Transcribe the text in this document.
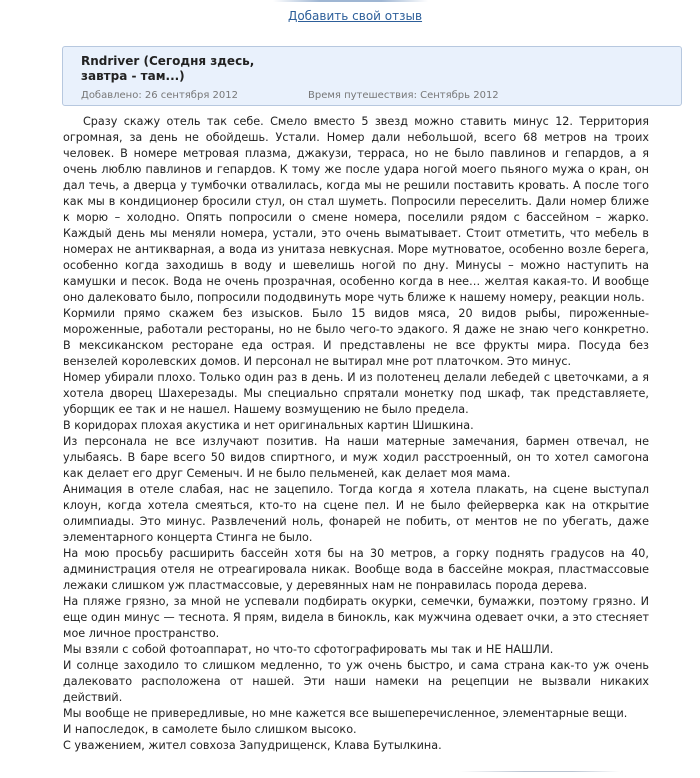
Добавить свой отзыв
Rndriver (Сегодня здесь, завтра - там...)
Добавлено: 26 сентября 2012	Время путешествия: Сентябрь 2012

Сразу скажу отель так себе. Смело вместо 5 звезд можно ставить минус 12. Территория огромная, за день не обойдешь. Устали. Номер дали небольшой, всего 68 метров на троих человек. В номере метровая плазма, джакузи, терраса, но не было павлинов и гепардов, а я очень люблю павлинов и гепардов. К тому же после удара ногой моего пьяного мужа о кран, он дал течь, а дверца у тумбочки отвалилась, когда мы не решили поставить кровать. А после того как мы в кондиционер бросили стул, он стал шуметь. Попросили переселить. Дали номер ближе к морю – холодно. Опять попросили о смене номера, поселили рядом с бассейном – жарко. Каждый день мы меняли номера, устали, это очень выматывает. Стоит отметить, что мебель в номерах не антикварная, а вода из унитаза невкусная. Море мутноватое, особенно возле берега, особенно когда заходишь в воду и шевелишь ногой по дну. Минусы – можно наступить на камушки и песок. Вода не очень прозрачная, особенно когда в нее… желтая какая-то. И вообще оно далековато было, попросили пододвинуть море чуть ближе к нашему номеру, реакции ноль.

Кормили прямо скажем без изысков. Было 15 видов мяса, 20 видов рыбы, пироженные-мороженные, работали рестораны, но не было чего-то эдакого. Я даже не знаю чего конкретно. В мексиканском ресторане еда острая. И представлены не все фрукты мира. Посуда без вензелей королевских домов. И персонал не вытирал мне рот платочком. Это минус.

Номер убирали плохо. Только один раз в день. И из полотенец делали лебедей с цветочками, а я хотела дворец Шахерезады. Мы специально спрятали монетку под шкаф, так представляете, уборщик ее так и не нашел. Нашему возмущению не было предела.

В коридорах плохая акустика и нет оригинальных картин Шишкина.

Из персонала не все излучают позитив. На наши матерные замечания, бармен отвечал, не улыбаясь. В баре всего 50 видов спиртного, и муж ходил расстроенный, он то хотел самогона как делает его друг Семеныч. И не было пельменей, как делает моя мама.

Анимация в отеле слабая, нас не зацепило. Тогда когда я хотела плакать, на сцене выступал клоун, когда хотела смеяться, кто-то на сцене пел. И не было фейерверка как на открытие олимпиады. Это минус. Развлечений ноль, фонарей не побить, от ментов не по убегать, даже элементарного концерта Стинга не было.

На мою просьбу расширить бассейн хотя бы на 30 метров, а горку поднять градусов на 40, администрация отеля не отреагировала никак. Вообще вода в бассейне мокрая, пластмассовые лежаки слишком уж пластмассовые, у деревянных нам не понравилась порода дерева.

На пляже грязно, за мной не успевали подбирать окурки, семечки, бумажки, поэтому грязно. И еще один минус — теснота. Я прям, видела в бинокль, как мужчина одевает очки, а это стесняет мое личное пространство.

Мы взяли с собой фотоаппарат, но что-то сфотографировать мы так и НЕ НАШЛИ.

И солнце заходило то слишком медленно, то уж очень быстро, и сама страна как-то уж очень далековато расположена от нашей. Эти наши намеки на рецепции не вызвали никаких действий.

Мы вообще не привередливые, но мне кажется все вышеперечисленное, элементарные вещи.

И напоследок, в самолете было слишком высоко.

С уважением, жител совхоза Запудрищенск, Клава Бутылкина.
